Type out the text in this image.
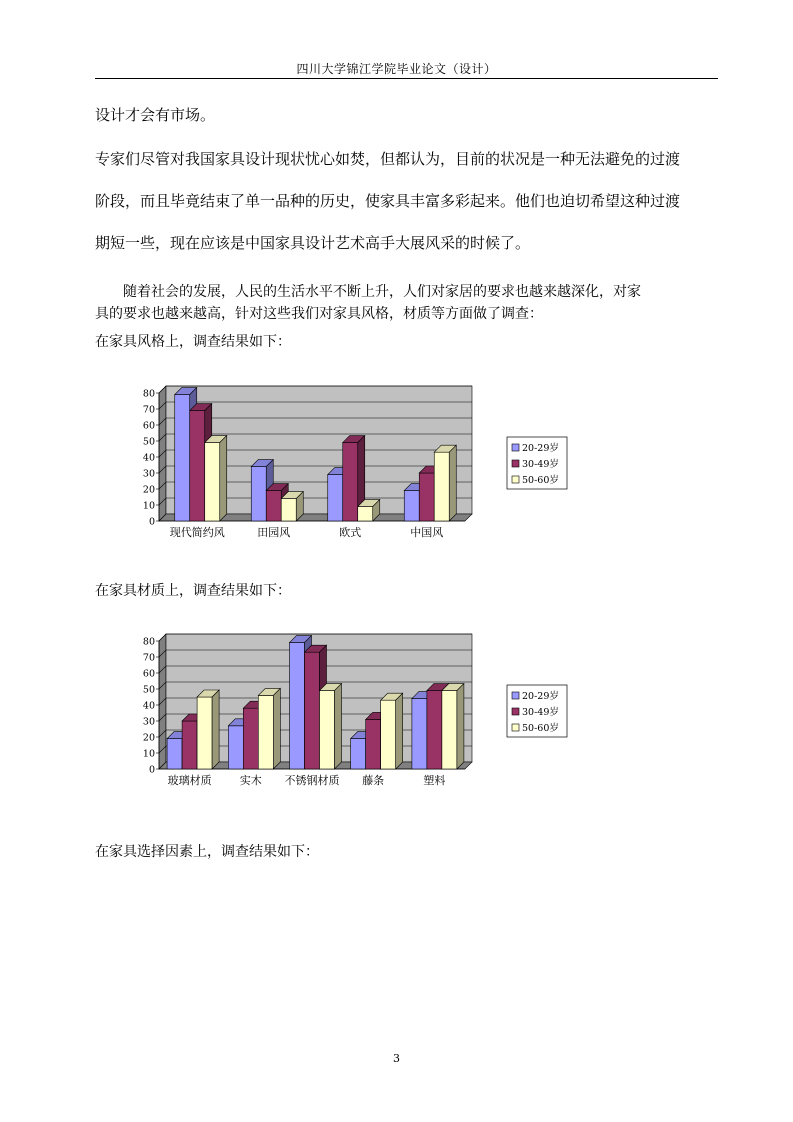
四川大学锦江学院毕业论文（设计）

设计才会有市场。

专家们尽管对我国家具设计现状忧心如焚，但都认为，目前的状况是一种无法避免的过渡

阶段，而且毕竟结束了单一品种的历史，使家具丰富多彩起来。他们也迫切希望这种过渡

期短一些，现在应该是中国家具设计艺术高手大展风采的时候了。

随着社会的发展，人民的生活水平不断上升，人们对家居的要求也越来越深化，对家
具的要求也越来越高，针对这些我们对家具风格，材质等方面做了调查：
在家具风格上，调查结果如下：
0
10
20
30
40
50
60
70
80
现代简约风	田园风	欧式	中国风
20-29岁
30-49岁
50-60岁
在家具材质上，调查结果如下：
0
10
20
30
40
50
60
70
80
玻璃材质	实木 不锈钢材质 藤条	塑料
20-29岁
30-49岁
50-60岁
在家具选择因素上，调查结果如下：
3
